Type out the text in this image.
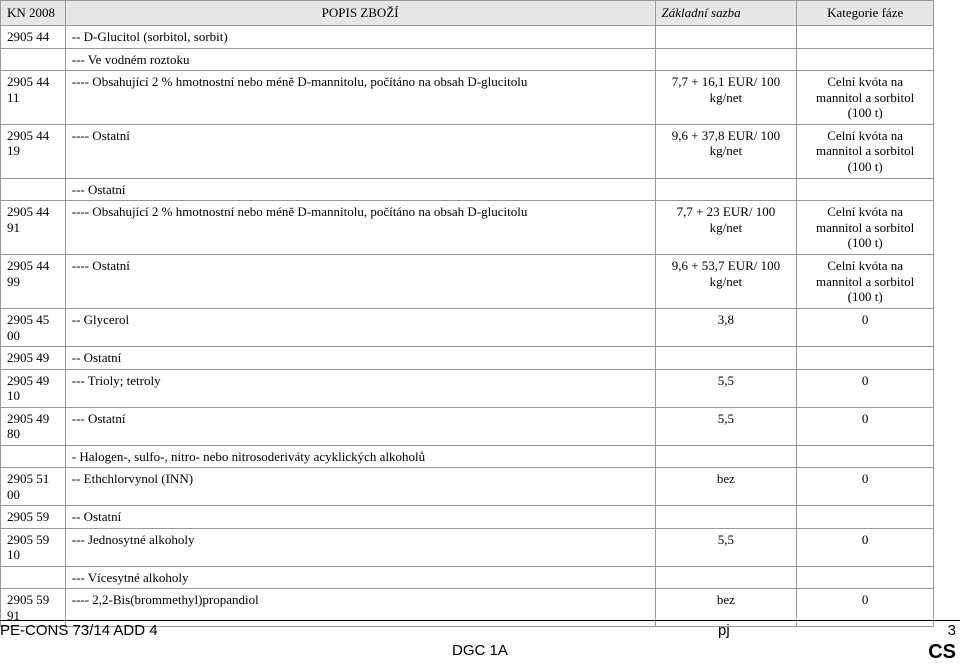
KN 2008	POPIS ZBOŽÍ	Základní sazba	Kategorie fáze
2905 44	-- D-Glucitol (sorbitol, sorbit)		
	--- Ve vodném roztoku		
2905 44 11	---- Obsahující 2 % hmotnostní nebo méně D-mannitolu, počítáno na obsah D-glucitolu	7,7 + 16,1 EUR/ 100 kg/net	Celní kvóta na mannitol a sorbitol (100 t)
2905 44 19	---- Ostatní	9,6 + 37,8 EUR/ 100 kg/net	Celní kvóta na mannitol a sorbitol (100 t)
	--- Ostatní		
2905 44 91	---- Obsahující 2 % hmotnostní nebo méně D-mannitolu, počítáno na obsah D-glucitolu	7,7 + 23 EUR/ 100 kg/net	Celní kvóta na mannitol a sorbitol (100 t)
2905 44 99	---- Ostatní	9,6 + 53,7 EUR/ 100 kg/net	Celní kvóta na mannitol a sorbitol (100 t)
2905 45 00	-- Glycerol	3,8	0
2905 49	-- Ostatní		
2905 49 10	--- Trioly; tetroly	5,5	0
2905 49 80	--- Ostatní	5,5	0
	- Halogen-, sulfo-, nitro- nebo nitrosoderiváty acyklických alkoholů		
2905 51 00	-- Ethchlorvynol (INN)	bez	0
2905 59	-- Ostatní		
2905 59 10	--- Jednosytné alkoholy	5,5	0
	--- Vícesytné alkoholy		
2905 59 91	---- 2,2-Bis(brommethyl)propandiol	bez	0
PE-CONS 73/14 ADD 4	pj	3
DGC 1A	CS
